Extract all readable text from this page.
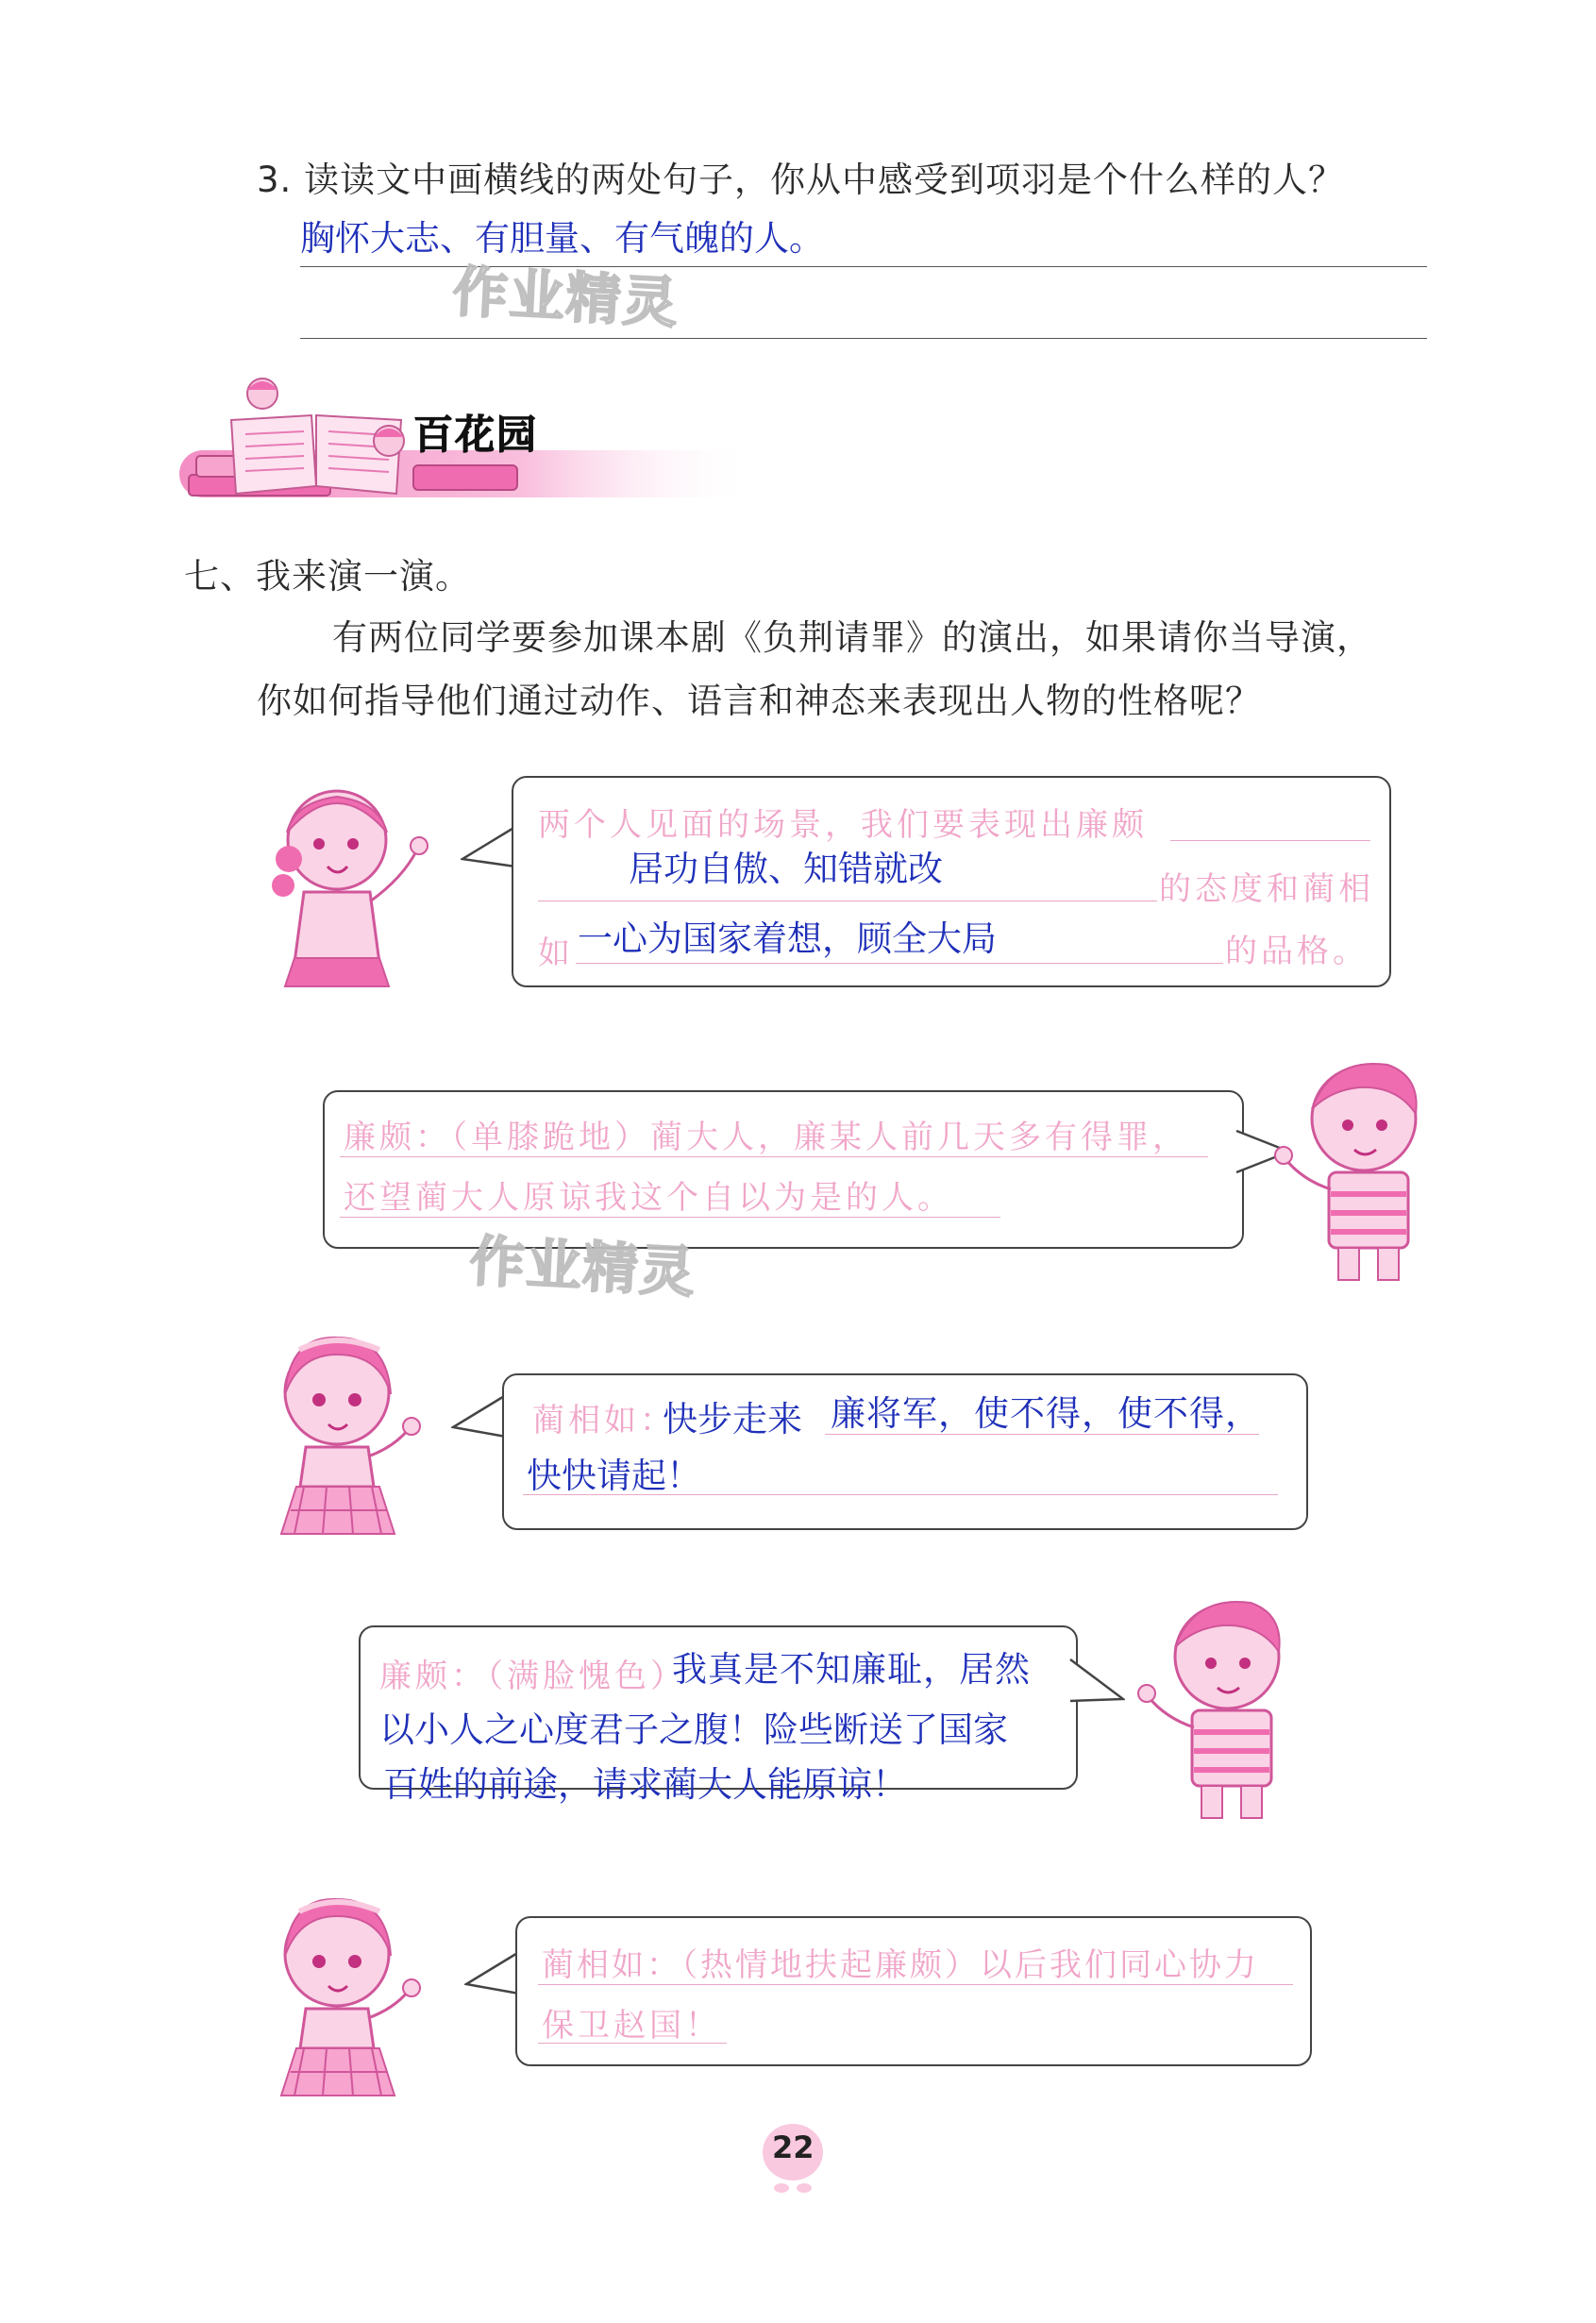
3. 读读文中画横线的两处句子，你从中感受到项羽是个什么样的人？
胸怀大志、有胆量、有气魄的人。
作业精灵
百花园
七、我来演一演。
有两位同学要参加课本剧《负荆请罪》的演出，如果请你当导演，
你如何指导他们通过动作、语言和神态来表现出人物的性格呢？
两个人见面的场景，我们要表现出廉颇
居功自傲、知错就改	的态度和蔺相
如 一心为国家着想，顾全大局	的品格。
廉颇：（单膝跪地）蔺大人，廉某人前几天多有得罪，
还望蔺大人原谅我这个自以为是的人。
作业精灵
蔺相如：
快步走来 廉将军，使不得，使不得，
快快请起！
廉颇：（满脸愧色）
我真是不知廉耻，居然
以小人之心度君子之腹！险些断送了国家
百姓的前途，请求蔺大人能原谅！
蔺相如：（热情地扶起廉颇）以后我们同心协力
保卫赵国！
22
